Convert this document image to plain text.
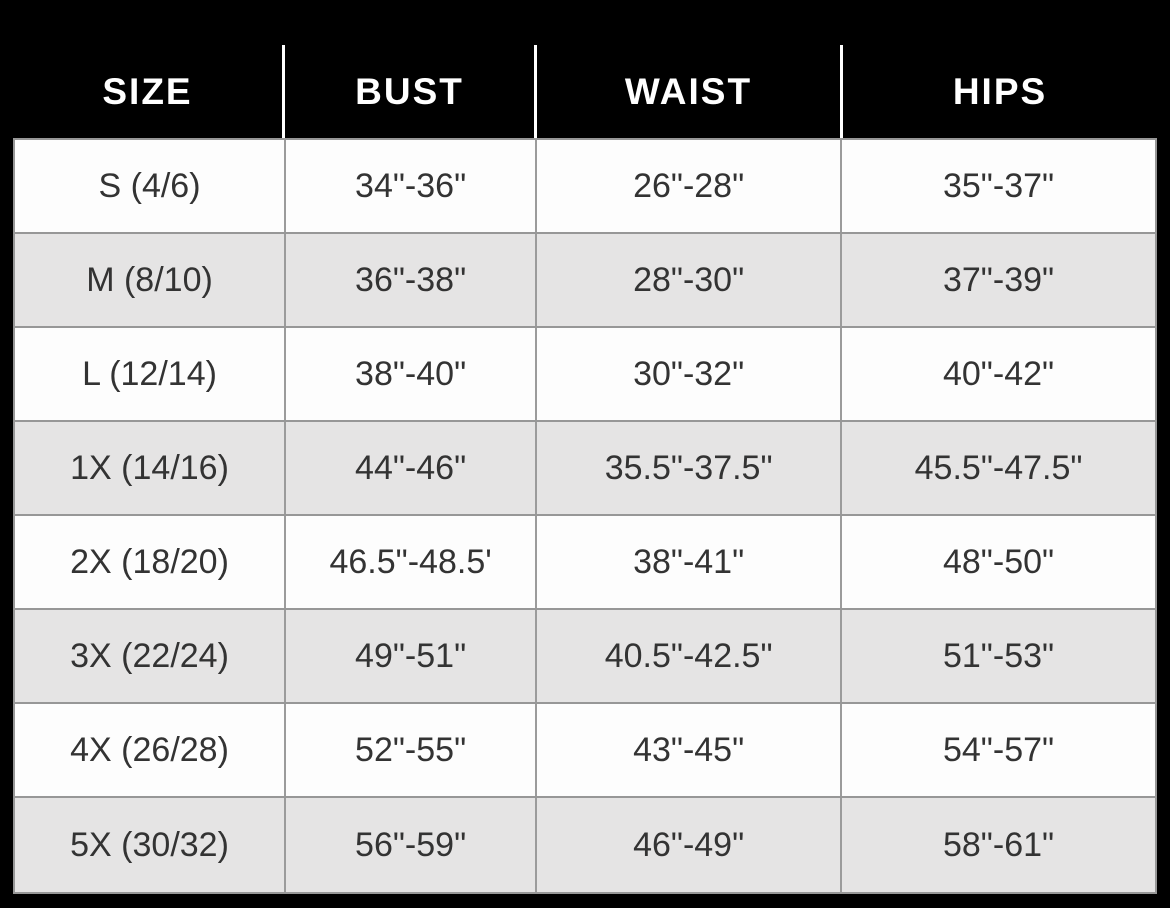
SIZE	BUST	WAIST	HIPS
S (4/6)	34"-36"	26"-28"	35"-37"
M (8/10)	36"-38"	28"-30"	37"-39"
L (12/14)	38"-40"	30"-32"	40"-42"
1X (14/16)	44"-46"	35.5"-37.5"	45.5"-47.5"
2X (18/20)	46.5"-48.5'	38"-41"	48"-50"
3X (22/24)	49"-51"	40.5"-42.5"	51"-53"
4X (26/28)	52"-55"	43"-45"	54"-57"
5X (30/32)	56"-59"	46"-49"	58"-61"
